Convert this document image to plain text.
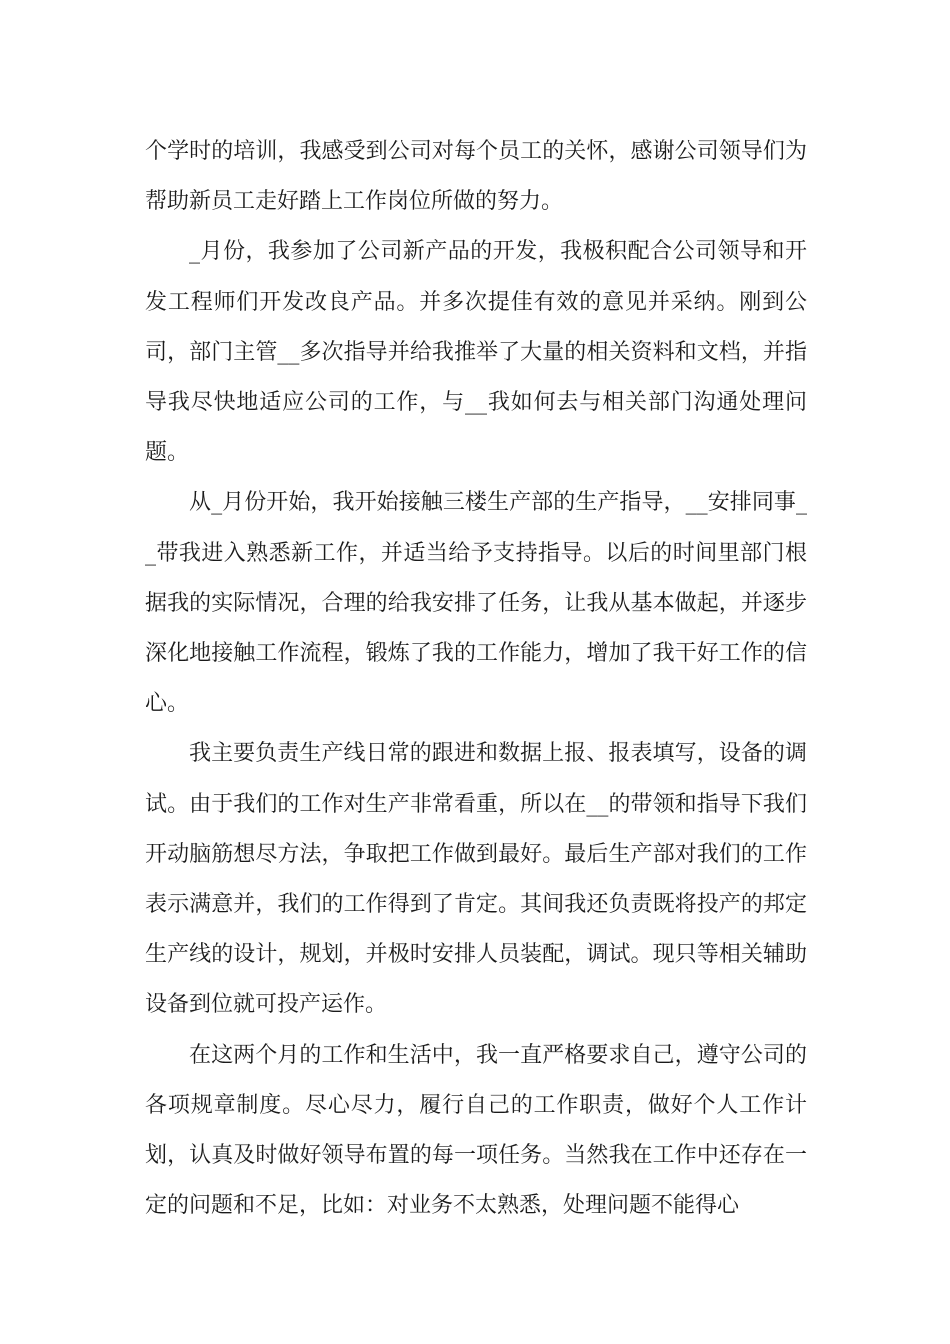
个学时的培训，我感受到公司对每个员工的关怀，感谢公司领导们为帮助新员工走好踏上工作岗位所做的努力。

_月份，我参加了公司新产品的开发，我极积配合公司领导和开发工程师们开发改良产品。并多次提佳有效的意见并采纳。刚到公司，部门主管__多次指导并给我推举了大量的相关资料和文档，并指导我尽快地适应公司的工作，与__我如何去与相关部门沟通处理问题。

从_月份开始，我开始接触三楼生产部的生产指导，__安排同事__带我进入熟悉新工作，并适当给予支持指导。以后的时间里部门根据我的实际情况，合理的给我安排了任务，让我从基本做起，并逐步深化地接触工作流程，锻炼了我的工作能力，增加了我干好工作的信心。

我主要负责生产线日常的跟进和数据上报、报表填写，设备的调试。由于我们的工作对生产非常看重，所以在__的带领和指导下我们开动脑筋想尽方法，争取把工作做到最好。最后生产部对我们的工作表示满意并，我们的工作得到了肯定。其间我还负责既将投产的邦定生产线的设计，规划，并极时安排人员装配，调试。现只等相关辅助设备到位就可投产运作。

在这两个月的工作和生活中，我一直严格要求自己，遵守公司的各项规章制度。尽心尽力，履行自己的工作职责，做好个人工作计划，认真及时做好领导布置的每一项任务。当然我在工作中还存在一定的问题和不足，比如：对业务不太熟悉，处理问题不能得心
